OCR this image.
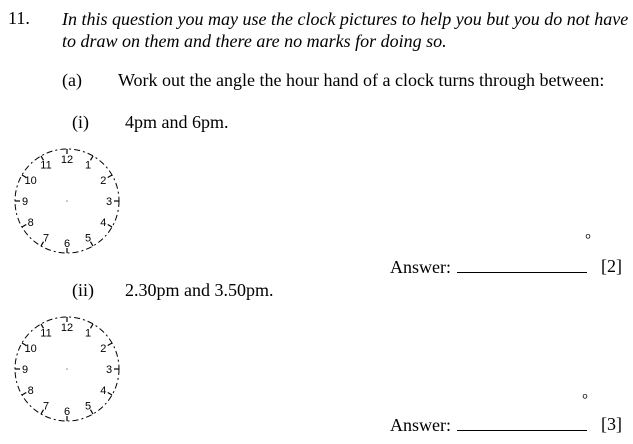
11. In this question you may use the clock pictures to help you but you do not have
to draw on them and there are no marks for doing so.
(a) Work out the angle the hour hand of a clock turns through between:
(i) 4pm and 6pm.
12 1
2
3
4
5
6
7
8
9
10
11
°
Answer:	[2]
(ii) 2.30pm and 3.50pm.
12 1
2
3
4
5
6
7
8
9
10
11
°
Answer:	[3]
